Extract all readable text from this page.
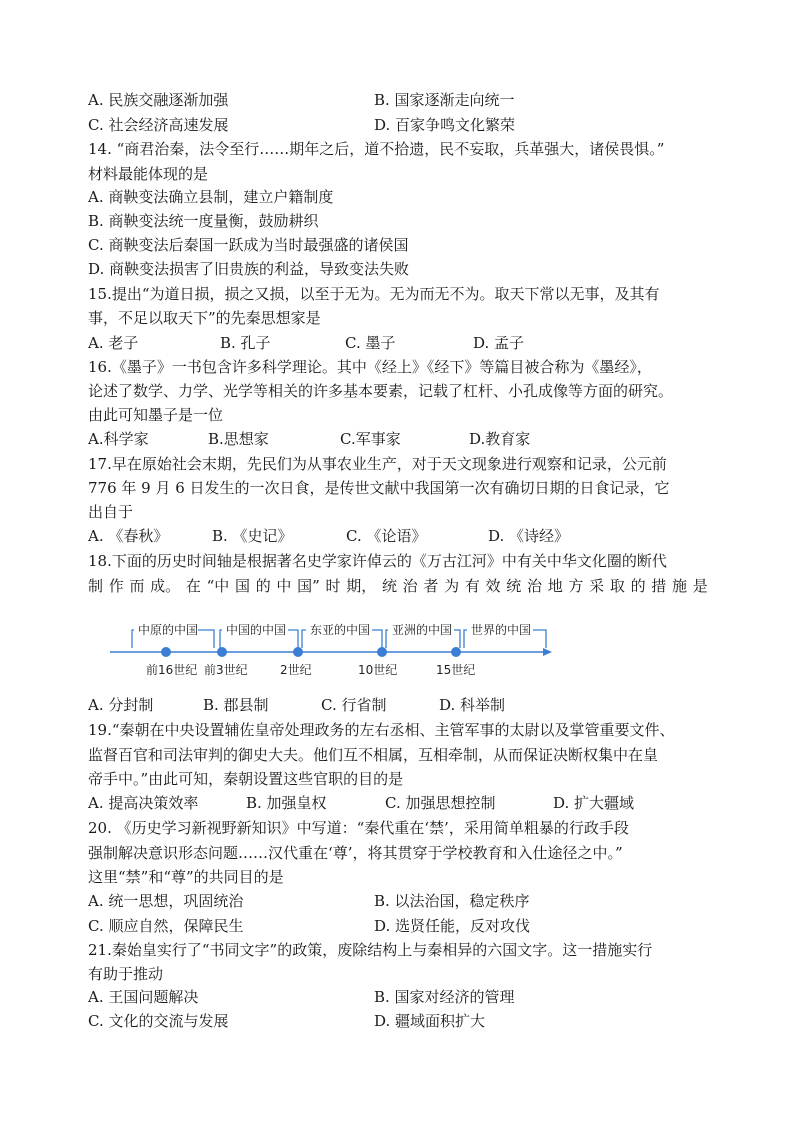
A. 民族交融逐渐加强	B. 国家逐渐走向统一
C. 社会经济高速发展	D. 百家争鸣文化繁荣
14. “商君治秦，法令至行……期年之后，道不拾遗，民不妄取，兵革强大，诸侯畏惧。”
材料最能体现的是
A. 商鞅变法确立县制，建立户籍制度
B. 商鞅变法统一度量衡，鼓励耕织
C. 商鞅变法后秦国一跃成为当时最强盛的诸侯国
D. 商鞅变法损害了旧贵族的利益，导致变法失败
15.提出“为道日损，损之又损，以至于无为。无为而无不为。取天下常以无事，及其有
事，不足以取天下”的先秦思想家是
A. 老子	B. 孔子	C. 墨子	D. 孟子
16.《墨子》一书包含许多科学理论。其中《经上》《经下》等篇目被合称为《墨经》，
论述了数学、力学、光学等相关的许多基本要素，记载了杠杆、小孔成像等方面的研究。
由此可知墨子是一位
A.科学家	B.思想家	C.军事家	D.教育家
17.早在原始社会末期，先民们为从事农业生产，对于天文现象进行观察和记录，公元前
776 年 9 月 6 日发生的一次日食，是传世文献中我国第一次有确切日期的日食记录，它
出自于
A. 《春秋》	B. 《史记》	C. 《论语》	D. 《诗经》
18.下面的历史时间轴是根据著名史学家许倬云的《万古江河》中有关中华文化圈的断代
制 作 而 成。 在 “中 国 的 中 国” 时 期， 统 治 者 为 有 效 统 治 地 方 采 取 的 措 施 是
中原的中国 中国的中国 东亚的中国 亚洲的中国 世界的中国
前16世纪 前3世纪	2世纪	10世纪	15世纪
A. 分封制	B. 郡县制	C. 行省制	D. 科举制
19.“秦朝在中央设置辅佐皇帝处理政务的左右丞相、主管军事的太尉以及掌管重要文件、
监督百官和司法审判的御史大夫。他们互不相属，互相牵制，从而保证决断权集中在皇
帝手中。”由此可知，秦朝设置这些官职的目的是
A. 提高决策效率	B. 加强皇权	C. 加强思想控制	D. 扩大疆域
20. 《历史学习新视野新知识》中写道：“秦代重在‘禁’，采用简单粗暴的行政手段
强制解决意识形态问题……汉代重在‘尊’，将其贯穿于学校教育和入仕途径之中。”
这里“禁”和“尊”的共同目的是
A. 统一思想，巩固统治	B. 以法治国，稳定秩序
C. 顺应自然，保障民生	D. 选贤任能，反对攻伐
21.秦始皇实行了“书同文字”的政策，废除结构上与秦相异的六国文字。这一措施实行
有助于推动
A. 王国问题解决	B. 国家对经济的管理
C. 文化的交流与发展	D. 疆域面积扩大
